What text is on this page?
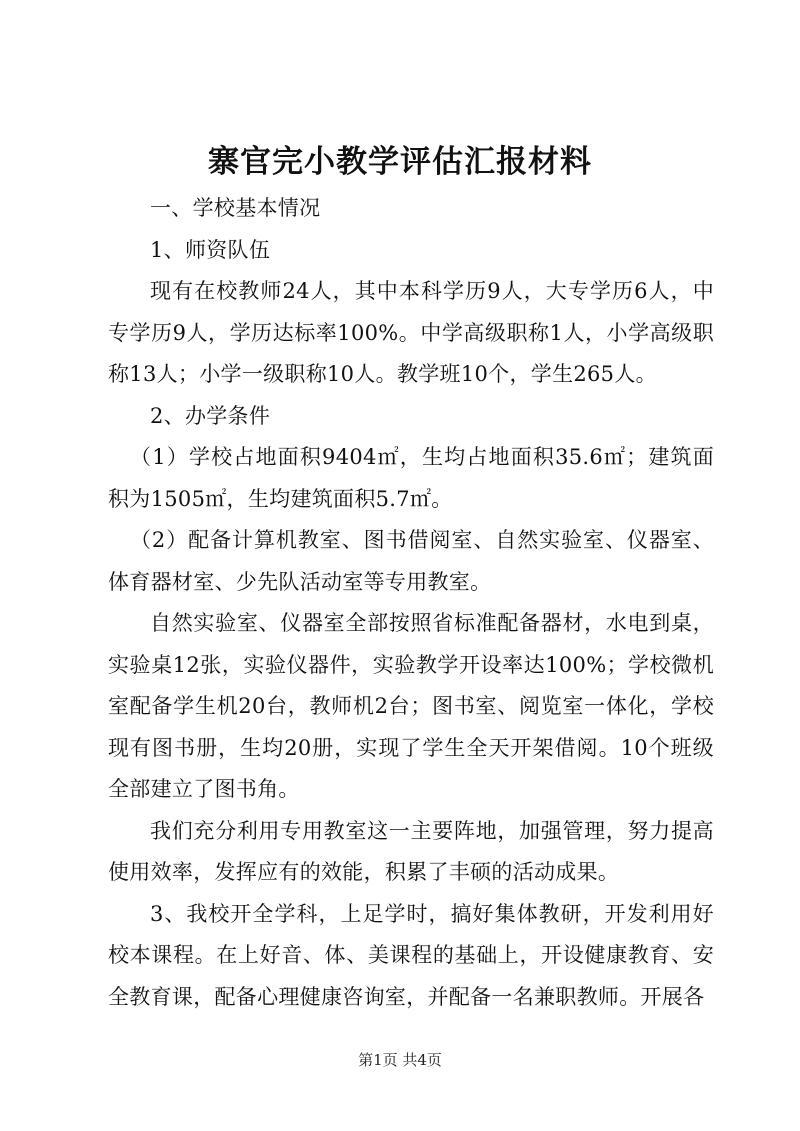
寨官完小教学评估汇报材料

一、学校基本情况

1、师资队伍

现有在校教师24人，其中本科学历9人，大专学历6人，中专学历9人，学历达标率100%。中学高级职称1人，小学高级职称13人；小学一级职称10人。教学班10个，学生265人。

2、办学条件

（1）学校占地面积9404㎡，生均占地面积35.6㎡；建筑面积为1505㎡，生均建筑面积5.7㎡。

（2）配备计算机教室、图书借阅室、自然实验室、仪器室、体育器材室、少先队活动室等专用教室。

自然实验室、仪器室全部按照省标准配备器材，水电到桌，实验桌12张，实验仪器件，实验教学开设率达100%；学校微机室配备学生机20台，教师机2台；图书室、阅览室一体化，学校现有图书册，生均20册，实现了学生全天开架借阅。10个班级全部建立了图书角。

我们充分利用专用教室这一主要阵地，加强管理，努力提高使用效率，发挥应有的效能，积累了丰硕的活动成果。

3、我校开全学科，上足学时，搞好集体教研，开发利用好校本课程。在上好音、体、美课程的基础上，开设健康教育、安全教育课，配备心理健康咨询室，并配备一名兼职教师。开展各

第1页 共4页
